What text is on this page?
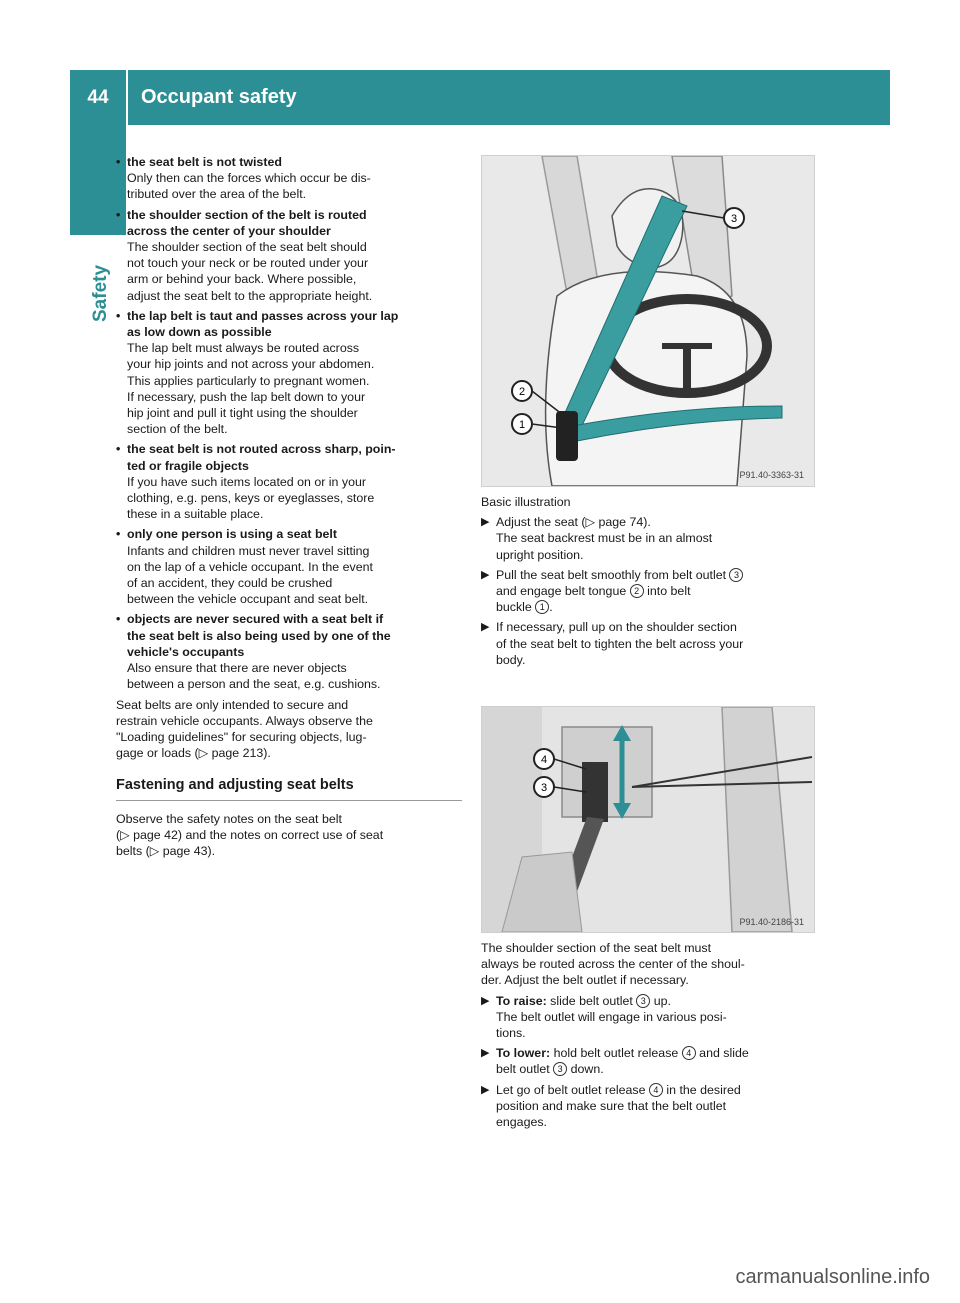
44	Occupant safety
Safety
• the seat belt is not twisted

Only then can the forces which occur be dis-

tributed over the area of the belt.

• the shoulder section of the belt is routed

across the center of your shoulder

The shoulder section of the seat belt should

not touch your neck or be routed under your

arm or behind your back. Where possible,

adjust the seat belt to the appropriate height.

• the lap belt is taut and passes across your lap

as low down as possible

The lap belt must always be routed across

your hip joints and not across your abdomen.

This applies particularly to pregnant women.

If necessary, push the lap belt down to your

hip joint and pull it tight using the shoulder

section of the belt.

• the seat belt is not routed across sharp, poin-

ted or fragile objects

If you have such items located on or in your

clothing, e.g. pens, keys or eyeglasses, store

these in a suitable place.

• only one person is using a seat belt

Infants and children must never travel sitting

on the lap of a vehicle occupant. In the event

of an accident, they could be crushed

between the vehicle occupant and seat belt.

• objects are never secured with a seat belt if

the seat belt is also being used by one of the

vehicle's occupants

Also ensure that there are never objects

between a person and the seat, e.g. cushions.

Seat belts are only intended to secure and

restrain vehicle occupants. Always observe the

"Loading guidelines" for securing objects, lug-

gage or loads (▷ page 213).

Fastening and adjusting seat belts

Observe the safety notes on the seat belt

(▷ page 42) and the notes on correct use of seat

belts (▷ page 43).

1
2
3
P91.40-3363-31

Basic illustration

▶ Adjust the seat (▷ page 74).

The seat backrest must be in an almost

upright position.

▶ Pull the seat belt smoothly from belt outlet 3

and engage belt tongue 2 into belt

buckle 1 .

▶ If necessary, pull up on the shoulder section

of the seat belt to tighten the belt across your

body.

4
3
P91.40-2186-31

The shoulder section of the seat belt must

always be routed across the center of the shoul-

der. Adjust the belt outlet if necessary.

▶ To raise: slide belt outlet 3 up.

The belt outlet will engage in various posi-

tions.

▶ To lower: hold belt outlet release 4 and slide

belt outlet 3 down.

▶ Let go of belt outlet release 4 in the desired

position and make sure that the belt outlet

engages.

carmanualsonline.info
